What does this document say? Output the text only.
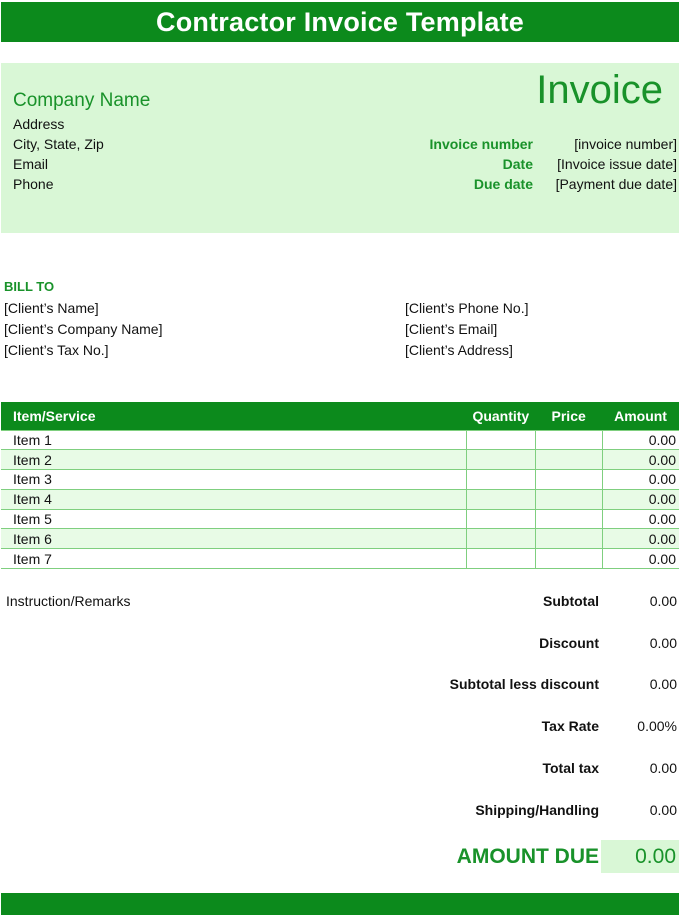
Contractor Invoice Template
Company Name
Address
City, State, Zip
Email
Phone
Invoice
Invoice number	[invoice number]
Date [Invoice issue date]
Due date [Payment due date]
BILL TO
[Client’s Name]
[Client’s Company Name]
[Client’s Tax No.]
[Client’s Phone No.]
[Client’s Email]
[Client’s Address]
Item/Service	Quantity	Price	Amount
Item 1			0.00
Item 2			0.00
Item 3			0.00
Item 4			0.00
Item 5			0.00
Item 6			0.00
Item 7			0.00
Instruction/Remarks	Subtotal	0.00
Discount	0.00
Subtotal less discount	0.00
Tax Rate	0.00%
Total tax	0.00
Shipping/Handling	0.00
AMOUNT DUE 0.00
